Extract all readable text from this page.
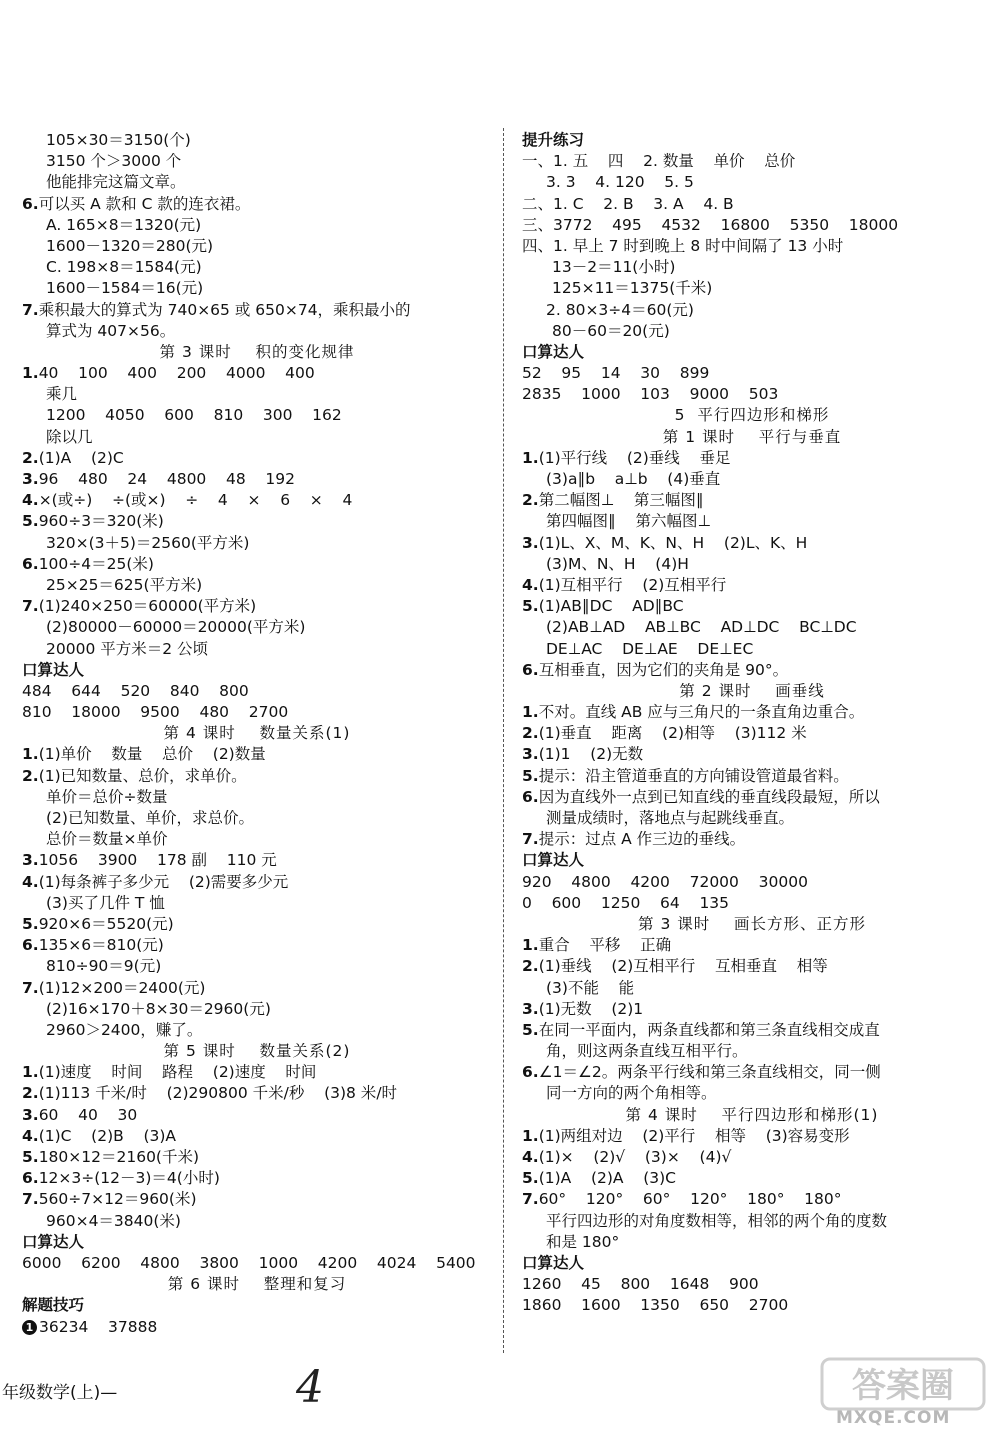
105×30＝3150(个)
3150 个＞3000 个
他能排完这篇文章。
6.可以买 A 款和 C 款的连衣裙。
A. 165×8＝1320(元)
1600－1320＝280(元)
C. 198×8＝1584(元)
1600－1584＝16(元)
7.乘积最大的算式为 740×65 或 650×74，乘积最小的
算式为 407×56。
第 3 课时    积的变化规律
1.40    100    400    200    4000    400
乘几
1200    4050    600    810    300    162
除以几
2.(1)A    (2)C
3.96    480    24    4800    48    192
4.×(或÷)    ÷(或×)    ÷    4    ×    6    ×    4
5.960÷3＝320(米)
320×(3＋5)＝2560(平方米)
6.100÷4＝25(米)
25×25＝625(平方米)
7.(1)240×250＝60000(平方米)
(2)80000－60000＝20000(平方米)
20000 平方米＝2 公顷
口算达人
484    644    520    840    800
810    18000    9500    480    2700
第 4 课时    数量关系(1)
1.(1)单价    数量    总价    (2)数量
2.(1)已知数量、总价，求单价。
单价＝总价÷数量
(2)已知数量、单价，求总价。
总价＝数量×单价
3.1056    3900    178 副    110 元
4.(1)每条裤子多少元    (2)需要多少元
(3)买了几件 T 恤
5.920×6＝5520(元)
6.135×6＝810(元)
810÷90＝9(元)
7.(1)12×200＝2400(元)
(2)16×170＋8×30＝2960(元)
2960＞2400，赚了。
第 5 课时    数量关系(2)
1.(1)速度    时间    路程    (2)速度    时间
2.(1)113 千米/时    (2)290800 千米/秒    (3)8 米/时
3.60    40    30
4.(1)C    (2)B    (3)A
5.180×12＝2160(千米)
6.12×3÷(12－3)＝4(小时)
7.560÷7×12＝960(米)
960×4＝3840(米)
口算达人
6000    6200    4800    3800    1000    4200    4024    5400
第 6 课时    整理和复习
解题技巧
1 36234    37888
提升练习
一、1. 五    四    2. 数量    单价    总价
3. 3    4. 120    5. 5
二、1. C    2. B    3. A    4. B
三、3772    495    4532    16800    5350    18000
四、1. 早上 7 时到晚上 8 时中间隔了 13 小时
13－2＝11(小时)
125×11＝1375(千米)
2. 80×3÷4＝60(元)
80－60＝20(元)
口算达人
52    95    14    30    899
2835    1000    103    9000    503
5  平行四边形和梯形
第 1 课时    平行与垂直
1.(1)平行线    (2)垂线    垂足
(3)a∥b    a⊥b    (4)垂直
2.第二幅图⊥    第三幅图∥
第四幅图∥    第六幅图⊥
3.(1)L、X、M、K、N、H    (2)L、K、H
(3)M、N、H    (4)H
4.(1)互相平行    (2)互相平行
5.(1)AB∥DC    AD∥BC
(2)AB⊥AD    AB⊥BC    AD⊥DC    BC⊥DC
DE⊥AC    DE⊥AE    DE⊥EC
6.互相垂直，因为它们的夹角是 90°。
第 2 课时    画垂线
1.不对。直线 AB 应与三角尺的一条直角边重合。
2.(1)垂直    距离    (2)相等    (3)112 米
3.(1)1    (2)无数
5.提示：沿主管道垂直的方向铺设管道最省料。
6.因为直线外一点到已知直线的垂直线段最短，所以
测量成绩时，落地点与起跳线垂直。
7.提示：过点 A 作三边的垂线。
口算达人
920    4800    4200    72000    30000
0    600    1250    64    135
第 3 课时    画长方形、正方形
1.重合    平移    正确
2.(1)垂线    (2)互相平行    互相垂直    相等
(3)不能    能
3.(1)无数    (2)1
5.在同一平面内，两条直线都和第三条直线相交成直
角，则这两条直线互相平行。
6.∠1＝∠2。两条平行线和第三条直线相交，同一侧
同一方向的两个角相等。
第 4 课时    平行四边形和梯形(1)
1.(1)两组对边    (2)平行    相等    (3)容易变形
4.(1)×    (2)√    (3)×    (4)√
5.(1)A    (2)A    (3)C
7.60°    120°    60°    120°    180°    180°
平行四边形的对角度数相等，相邻的两个角的度数
和是 180°
口算达人
1260    45    800    1648    900
1860    1600    1350    650    2700
年级数学(上)—	4	答案圈
MXQE.COM
